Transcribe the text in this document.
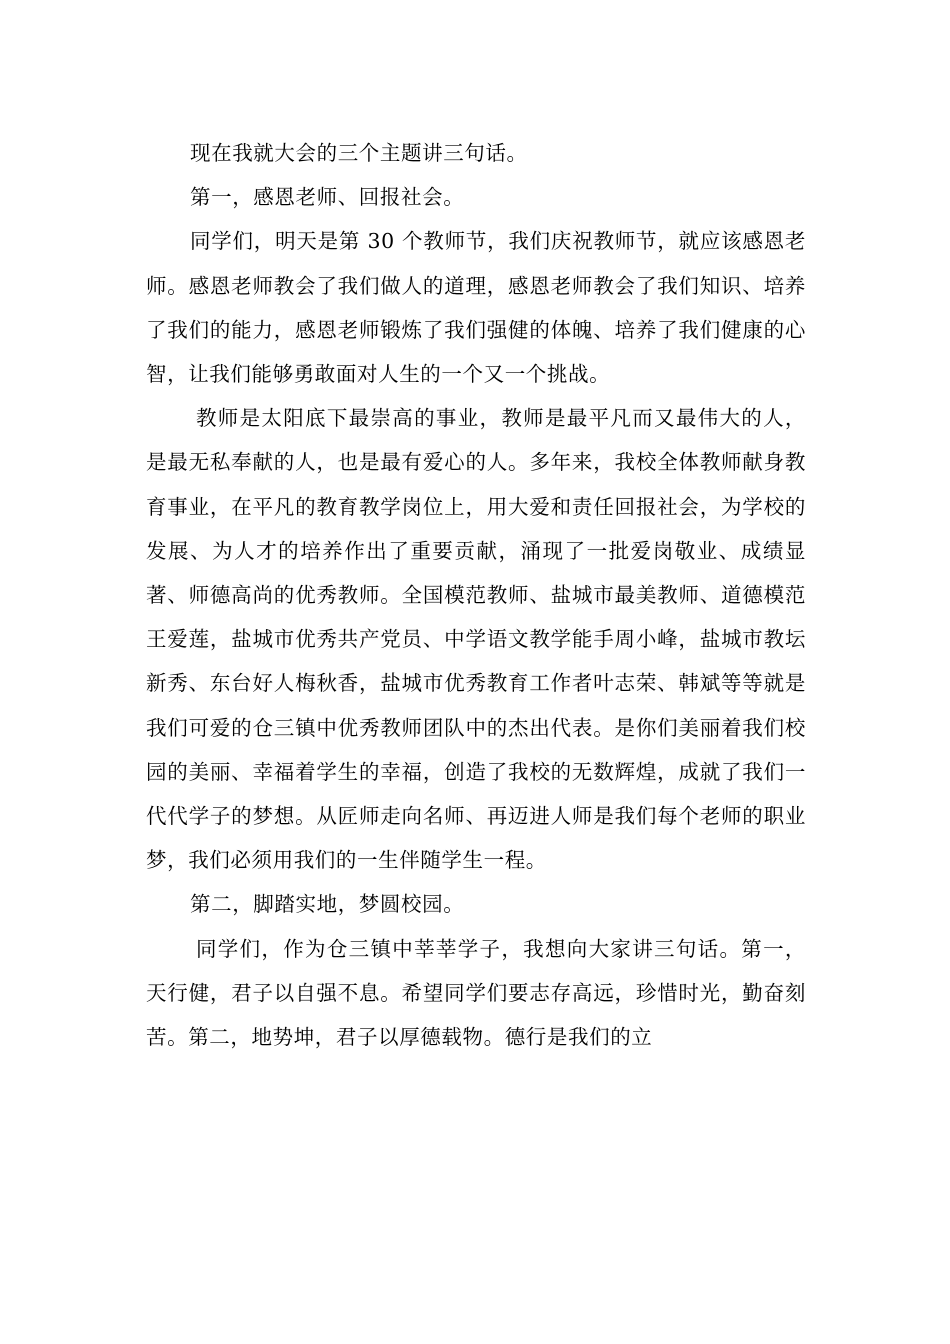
现在我就大会的三个主题讲三句话。

第一，感恩老师、回报社会。

同学们，明天是第 30 个教师节，我们庆祝教师节，就应该感恩老师。感恩老师教会了我们做人的道理，感恩老师教会了我们知识、培养了我们的能力，感恩老师锻炼了我们强健的体魄、培养了我们健康的心智，让我们能够勇敢面对人生的一个又一个挑战。

教师是太阳底下最崇高的事业，教师是最平凡而又最伟大的人，是最无私奉献的人，也是最有爱心的人。多年来，我校全体教师献身教育事业，在平凡的教育教学岗位上，用大爱和责任回报社会，为学校的发展、为人才的培养作出了重要贡献，涌现了一批爱岗敬业、成绩显著、师德高尚的优秀教师。全国模范教师、盐城市最美教师、道德模范王爱莲，盐城市优秀共产党员、中学语文教学能手周小峰，盐城市教坛新秀、东台好人梅秋香，盐城市优秀教育工作者叶志荣、韩斌等等就是我们可爱的仓三镇中优秀教师团队中的杰出代表。是你们美丽着我们校园的美丽、幸福着学生的幸福，创造了我校的无数辉煌，成就了我们一代代学子的梦想。从匠师走向名师、再迈进人师是我们每个老师的职业梦，我们必须用我们的一生伴随学生一程。

第二，脚踏实地，梦圆校园。

同学们，作为仓三镇中莘莘学子，我想向大家讲三句话。第一，天行健，君子以自强不息。希望同学们要志存高远，珍惜时光，勤奋刻苦。第二，地势坤，君子以厚德载物。德行是我们的立
